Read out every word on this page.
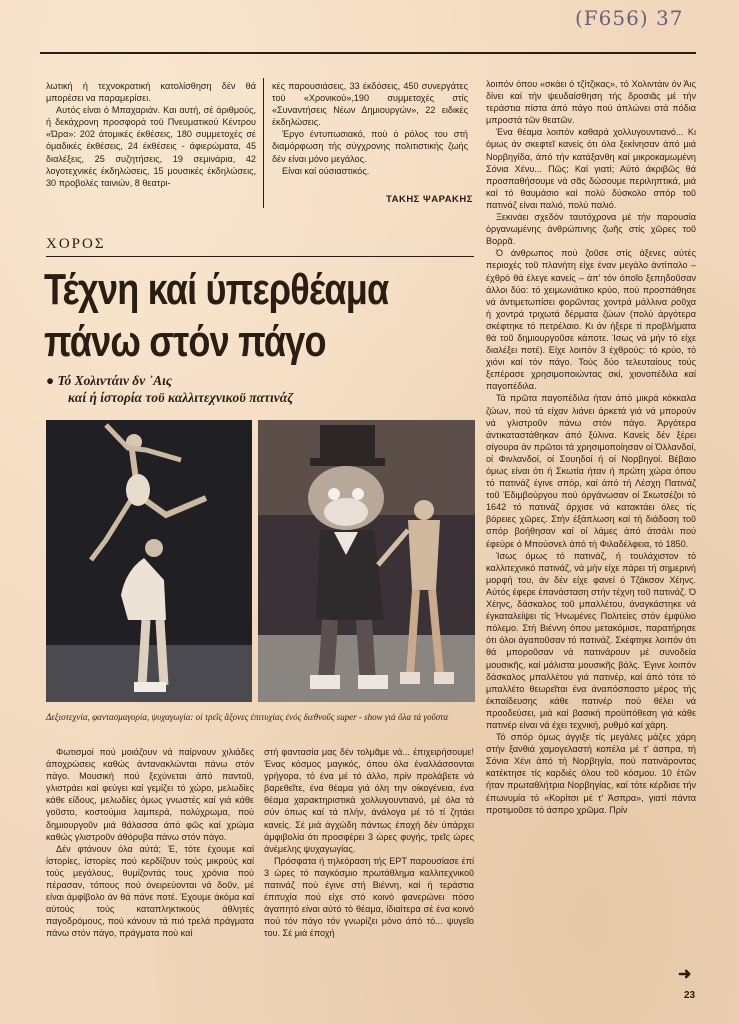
(F656) 37

λωτική ή τεχνοκρατική κατολίσθηση δέν θά μπορέσει να παραμερίσει.

Αυτός είναι ό Μπαχαριάν. Και αυτή, σέ άριθμούς, ή δεκάχρονη προσφορά τοϋ Πνευματικού Κέντρου «Ώρα»: 202 άτομικές έκθέσεις, 180 συμμετοχές σέ όμαδικές έκθέσεις, 24 έκθέσεις - άφιερώματα, 45 διαλέξεις, 25 συζητήσεις, 19 σεμινάρια, 42 λογοτεχνικές έκδηλώσεις, 15 μουσικές έκδηλώσεις, 30 προβολές ταινιών, 8 θεατρι-

κές παρουσιάσεις, 33 έκδόσεις, 450 συνεργάτες τοϋ «Χρονικού»,190 συμμετοχές στίς «Συναντήσεις Νέων Δημιουργών», 22 ειδικές έκδηλώσεις.

Έργο έντυπωσιακό, πού ό ρόλος του στή διαμόρφωση τής σύγχρονης πολιτιστικής ζωής δέν είναι μόνο μεγάλος.

Είναι καί ούσιαστικός.

ΤΑΚΗΣ ΨΑΡΑΚΗΣ
ΧΟΡΟΣ
Τέχνη καί ύπερθέαμα
πάνω στόν πάγο
● Τό Χολιντάιν δν ᾽Αις
καί ή ίστορία τοϋ καλλιτεχνικοϋ πατινάζ
Δεξιοτεχνία, φαντασμαγορία, ψυχαγωγία: οί τρεῖς ἄξονες ἐπιτυχίας ἑνός διεθνοῦς super - show γιά ὅλα τά γοῦστα

Φωτισμοί πού μοιάζουν νά παίρνουν χιλιάδες άποχρώσεις καθώς άντανακλώνται πάνω στόν πάγο. Μουσική πού ξεχύνεται άπό παντοῦ, γλιστράει καί φεύγει καί γεμίζει τό χώρο, μελωδίες κάθε είδους, μελωδίες όμως γνωστές καί γιά κάθε γοῦστο, κοστούμια λαμπερά, πολύχρωμα, πού δημιουργοῦν μιά θάλασσα άπό φῶς καί χρώμα καθώς γλιστροῦν άθόρυβα πάνω στόν πάγο.

Δέν φτάνουν όλα αύτά; Έ, τότε έχουμε καί ίστορίες, ίστορίες πού κερδίζουν τούς μικρούς καί τούς μεγάλους, θυμίζοντάς τους χρόνια πού πέρασαν, τόπους πού όνειρεύονται νά δοῦν, μέ είναι άμφίβολο άν θά πάνε ποτέ. Έχουμε άκόμα καί αύτούς τούς καταπληκτικούς άθλητές παγοδρόμους, πού κάνουν τά πιό τρελά πράγματα πάνω στόν πάγο, πράγματα πού καί

στή φαντασία μας δέν τολμᾶμε νά... έπιχειρήσουμε! Ένας κόσμος μαγικός, όπου όλα έναλλάσσονται γρήγορα, τό ένα μέ τό άλλο, πρίν προλάβετε νά βαρεθεῖτε, ένα θέαμα γιά όλη την οίκογένεια, ένα θέαμα χαρακτηριστικά χολλυγουντιανό, μέ όλα τά σύν όπως καί τά πλήν, άνάλογα μέ τό τί ζητάει κανείς. Σέ μιά άγχώδη πάντως έποχή δέν ύπάρχει άμφιβολία ότι προσφέρει 3 ώρες φυγής, τρεῖς ώρες άνέμελης ψυχαγωγίας.

Πρόσφατα ή τηλεόραση τής ΕΡΤ παρουσίασε έπί 3 ώρες τό παγκόσμιο πρωτάθλημα καλλιτεχνικοῦ πατινάζ πού έγινε στή Βιέννη, καί ή τεράστια έπιτυχία πού είχε στό κοινό φανερώνει πόσο άγαπητό είναι αύτό τό θέαμα, ίδιαίτερα σέ ένα κοινό πού τόν πάγο τόν γνωρίζει μόνο άπό τό... ψυγεῖο του. Σέ μιά έποχή

λοιπόν όπου «σκάει ό τζίτζικας», τό Χολιντάιν όν Άις δίνει καί τήν ψευδαίσθηση τής δροσιᾶς μέ τήν τεράστια πίστα άπό πάγο πού άπλώνει στά πόδια μπροστά τῶν θεατῶν.

Ένα θέαμα λοιπόν καθαρά χολλυγουντιανό... Κι όμως άν σκεφτεῖ κανείς ότι όλα ξεκίνησαν άπό μιά Νορβηγίδα, άπό τήν κατάξανθη καί μικροκαμωμένη Σόνια Χένυ... Πῶς; Καί γιατί; Αύτό άκριβῶς θά προσπαθήσουμε νά σᾶς δώσουμε περιληπτικά, μιά καί τό θαυμάσιο καί πολύ δύσκολο σπόρ τοῦ πατινάζ είναι παλιό, πολύ παλιό.

Ξεκινάει σχεδόν ταυτόχρονα μέ τήν παρουσία όργανωμένης άνθρώπινης ζωῆς στίς χῶρες τοῦ Βορρᾶ.

Ό άνθρωπος πού ζοῦσε στίς άξενες αύτές περιοχές τοῦ πλανήτη είχε έναν μεγάλο άντίπαλο – έχθρό θά έλεγε κανείς – άπ' τόν όποῖο ξεπηδοῦσαν άλλοι δύο: τό χειμωνιάτικο κρύο, πού προσπάθησε νά άντιμετωπίσει φορῶντας χοντρά μάλλινα ροῦχα ή χοντρά τριχωτά δέρματα ζώων (πολύ άργότερα σκέφτηκε τό πετρέλαιο. Κι άν ήξερε τί προβλήματα θά τοῦ δημιουργοῦσε κάποτε. Ίσως νά μήν τό είχε διαλέξει ποτέ). Είχε λοιπόν 3 έχθρούς: τό κρύο, τό χιόνι καί τόν πάγο. Τούς δύο τελευταίους τούς ξεπέρασε χρησιμοποιώντας σκί, χιονοπέδιλα καί παγοπέδιλα.

Τά πρῶτα παγοπέδιλα ήταν άπό μικρά κόκκαλα ζώων, πού τά είχαν λιάνει άρκετά γιά νά μπορούν νά γλιστροῦν πάνω στόν πάγο. Άργότερα άντικαταστάθηκαν άπό ξύλινα. Κανείς δέν ξέρει σίγουρα άν πρῶτοι τά χρησιμοποίησαν οί Όλλανδοί, οί Φινλανδοί, οί Σουηδοί ή οί Νορβηγοί. Βέβαιο όμως είναι ότι ή Σκωτία ήταν ή πρώτη χώρα όπου τό πατινάζ έγινε σπόρ, καί άπό τή Λέσχη Πατινάζ τοῦ Έδιμβούργου πού όργάνωσαν οί Σκωτσέζοι τό 1642 τό πατινάζ άρχισε νά κατακτάει όλες τίς βόρειες χῶρες. Στήν έξάπλωση καί τή διάδοση τοῦ σπόρ βοήθησαν καί οί λάμες άπό άτσάλι πού έφεύρε ό Μπούσνελ άπό τή Φιλαδέλφεια, τό 1850.

Ίσως όμως τό πατινάζ, ή τουλάχιστον τό καλλιτεχνικό πατινάζ, νά μήν είχε πάρει τή σημερινή μορφή του, άν δέν είχε φανεί ό Τζάκσον Χέηνς. Αύτός έφερε έπανάσταση στήν τέχνη τοῦ πατινάζ. Ό Χέηνς, δάσκαλος τοῦ μπαλλέτου, άναγκάστηκε νά έγκαταλείψει τίς Ήνωμένες Πολιτείες στόν έμφύλιο πόλεμο. Στή Βιέννη όπου μετακόμισε, παρατήρησε ότι όλοι άγαποῦσαν τό πατινάζ. Σκέφτηκε λοιπόν ότι θά μποροῦσαν νά πατινάρουν μέ συνοδεία μουσικῆς, καί μάλιστα μουσικῆς βάλς. Έγινε λοιπόν δάσκαλος μπαλλέτου γιά πατινέρ, καί άπό τότε τό μπαλλέτο θεωρεῖται ένα άναπόσπαστο μέρος τής έκπαίδευσης κάθε πατινέρ πού θέλει νά προοδεύσει, μιά καί βασική προϋπόθεση γιά κάθε πατινέρ είναι νά έχει τεχνική, ρυθμό καί χάρη.

Τό σπόρ όμως άγγιξε τίς μεγάλες μάζες χάρη στήν ξανθιά χαμογελαστή κοπέλα μέ τ' άσπρα, τή Σόνια Χένι άπό τή Νορβηγία, πού πατινάροντας κατέκτησε τίς καρδιές όλου τοῦ κόσμου. 10 ἐτῶν ήταν πρωταθλήτρια Νορβηγίας, καί τότε κέρδισε τήν έπωνυμία τό «Κορίτσι μέ τ' Άσπρα», γιατί πάντα προτιμοῦσε τό άσπρο χρῶμα. Πρίν

➜
23
